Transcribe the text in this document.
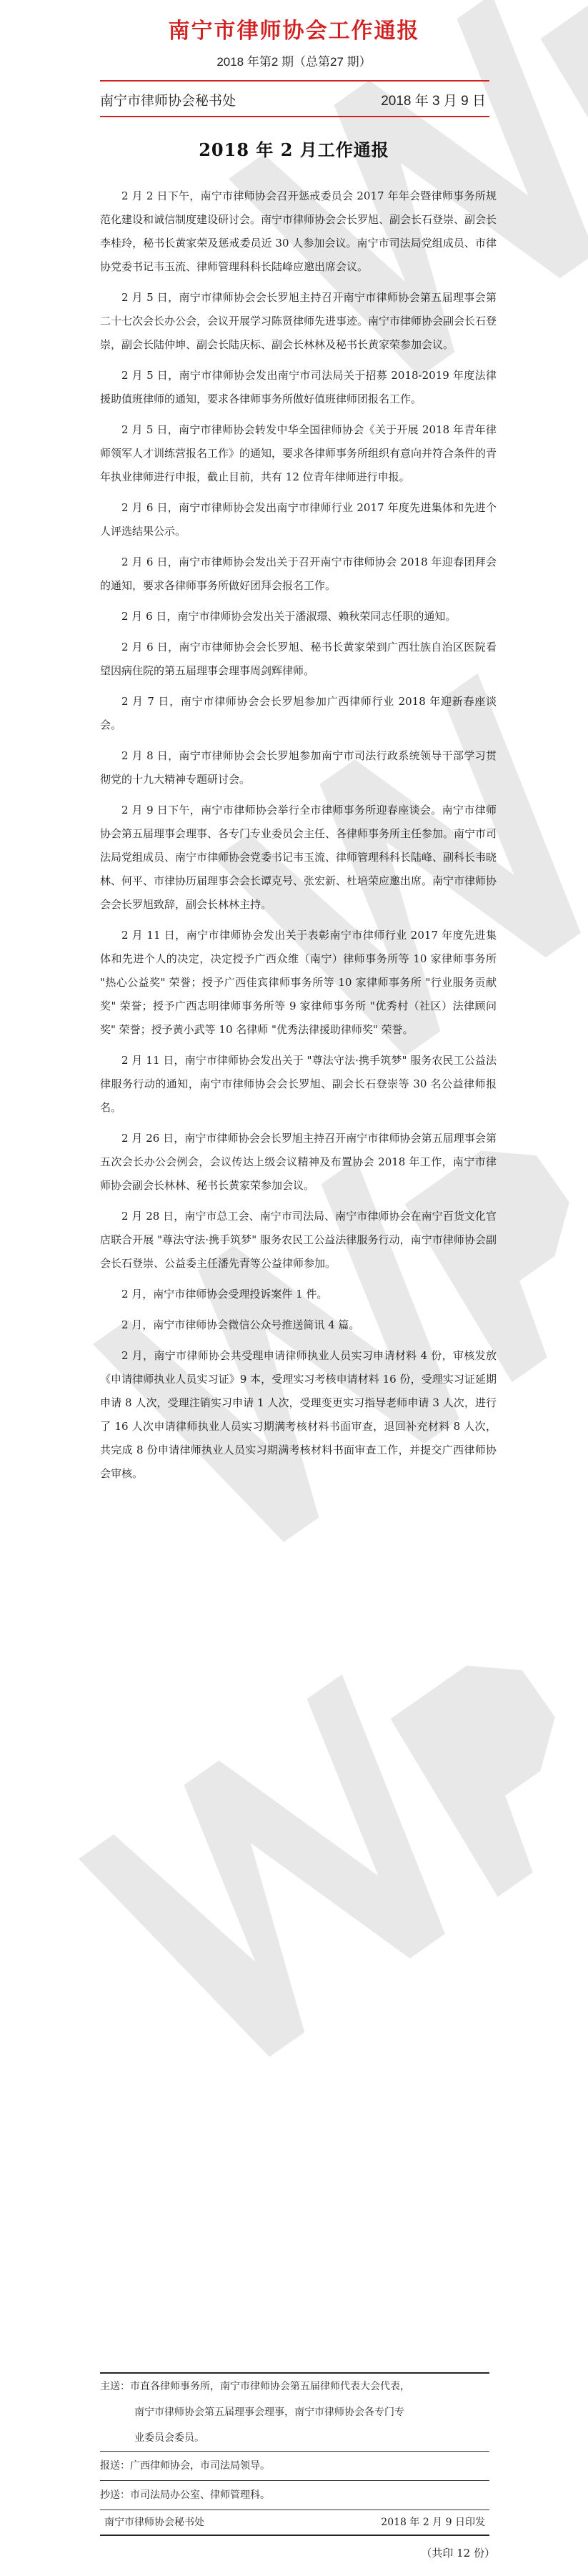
南宁市律师协会工作通报
2018 年第2 期（总第27 期）
南宁市律师协会秘书处	2018 年 3 月 9 日
2018 年 2 月工作通报

2 月 2 日下午，南宁市律师协会召开惩戒委员会 2017 年年会暨律师事务所规范化建设和诚信制度建设研讨会。南宁市律师协会会长罗旭、副会长石登崇、副会长李桂玲，秘书长黄家荣及惩戒委员近 30 人参加会议。南宁市司法局党组成员、市律协党委书记韦玉流、律师管理科科长陆峰应邀出席会议。

2 月 5 日，南宁市律师协会会长罗旭主持召开南宁市律师协会第五届理事会第二十七次会长办公会，会议开展学习陈贤律师先进事迹。南宁市律师协会副会长石登崇，副会长陆仲坤、副会长陆庆标、副会长林林及秘书长黄家荣参加会议。

2 月 5 日，南宁市律师协会发出南宁市司法局关于招募 2018-2019 年度法律援助值班律师的通知，要求各律师事务所做好值班律师团报名工作。

2 月 5 日，南宁市律师协会转发中华全国律师协会《关于开展 2018 年青年律师领军人才训练营报名工作》的通知，要求各律师事务所组织有意向并符合条件的青年执业律师进行申报，截止目前，共有 12 位青年律师进行申报。

2 月 6 日，南宁市律师协会发出南宁市律师行业 2017 年度先进集体和先进个人评选结果公示。

2 月 6 日，南宁市律师协会发出关于召开南宁市律师协会 2018 年迎春团拜会的通知，要求各律师事务所做好团拜会报名工作。

2 月 6 日，南宁市律师协会发出关于潘淑璟、赖秋荣同志任职的通知。

2 月 6 日，南宁市律师协会会长罗旭、秘书长黄家荣到广西壮族自治区医院看望因病住院的第五届理事会理事周剑辉律师。

2 月 7 日，南宁市律师协会会长罗旭参加广西律师行业 2018 年迎新春座谈会。

2 月 8 日，南宁市律师协会会长罗旭参加南宁市司法行政系统领导干部学习贯彻党的十九大精神专题研讨会。

2 月 9 日下午，南宁市律师协会举行全市律师事务所迎春座谈会。南宁市律师协会第五届理事会理事、各专门专业委员会主任、各律师事务所主任参加。南宁市司法局党组成员、南宁市律师协会党委书记韦玉流、律师管理科科长陆峰、副科长韦晓林、何平、市律协历届理事会会长谭克号、张宏新、杜培荣应邀出席。南宁市律师协会会长罗旭致辞，副会长林林主持。

2 月 11 日，南宁市律师协会发出关于表彰南宁市律师行业 2017 年度先进集体和先进个人的决定，决定授予广西众维（南宁）律师事务所等 10 家律师事务所 "热心公益奖" 荣誉；授予广西佳宾律师事务所等 10 家律师事务所 "行业服务贡献奖" 荣誉；授予广西志明律师事务所等 9 家律师事务所 "优秀村（社区）法律顾问奖" 荣誉；授予黄小武等 10 名律师 "优秀法律援助律师奖" 荣誉。

2 月 11 日，南宁市律师协会发出关于 "尊法守法·携手筑梦" 服务农民工公益法律服务行动的通知，南宁市律师协会会长罗旭、副会长石登崇等 30 名公益律师报名。

2 月 26 日，南宁市律师协会会长罗旭主持召开南宁市律师协会第五届理事会第五次会长办公会例会，会议传达上级会议精神及布置协会 2018 年工作，南宁市律师协会副会长林林、秘书长黄家荣参加会议。

2 月 28 日，南宁市总工会、南宁市司法局、南宁市律师协会在南宁百货文化官店联合开展 "尊法守法·携手筑梦" 服务农民工公益法律服务行动，南宁市律师协会副会长石登崇、公益委主任潘先青等公益律师参加。

2 月，南宁市律师协会受理投诉案件 1 件。

2 月，南宁市律师协会微信公众号推送简讯 4 篇。

2 月，南宁市律师协会共受理申请律师执业人员实习申请材料 4 份，审核发放《申请律师执业人员实习证》9 本，受理实习考核申请材料 16 份，受理实习证延期申请 8 人次，受理注销实习申请 1 人次，受理变更实习指导老师申请 3 人次，进行了 16 人次申请律师执业人员实习期满考核材料书面审查，退回补充材料 8 人次，共完成 8 份申请律师执业人员实习期满考核材料书面审查工作，并提交广西律师协会审核。

主送：市直各律师事务所，南宁市律师协会第五届律师代表大会代表，
南宁市律师协会第五届理事会理事，南宁市律师协会各专门专
业委员会委员。
报送：广西律师协会，市司法局领导。
抄送：市司法局办公室、律师管理科。
南宁市律师协会秘书处	2018 年 2 月 9 日印发
（共印 12 份）
